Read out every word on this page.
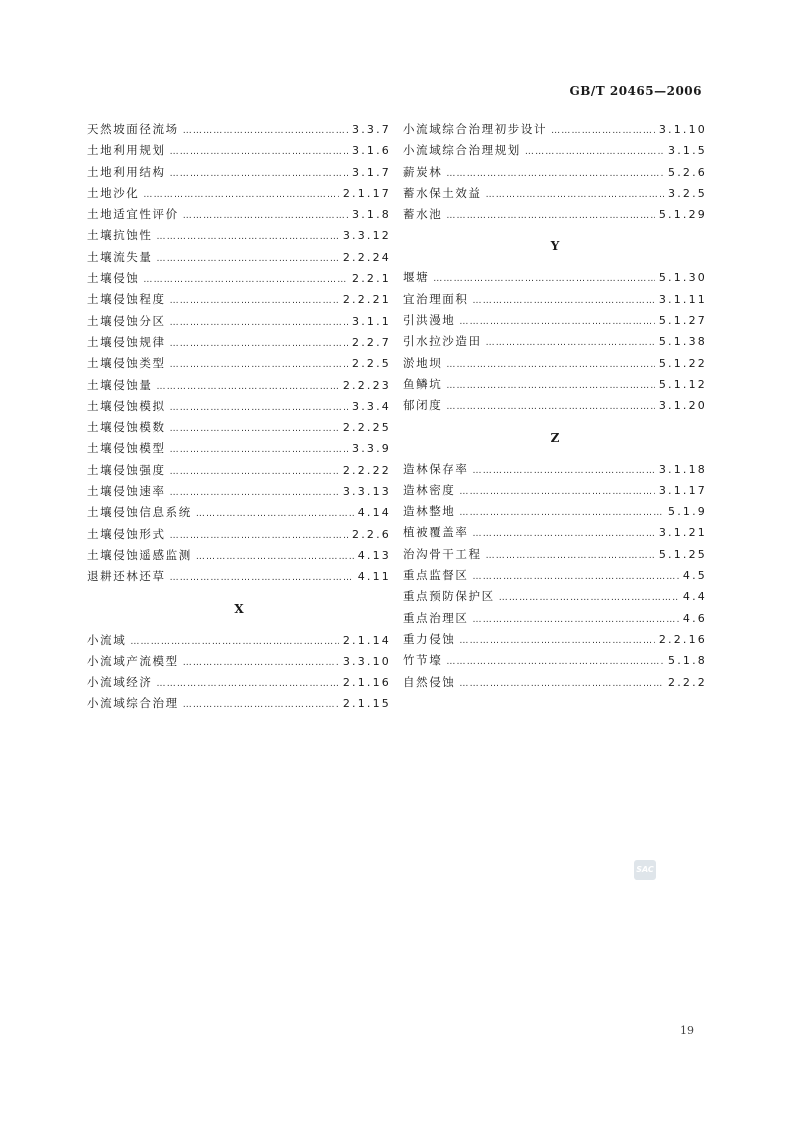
GB/T 20465—2006
天然坡面径流场 …………………………………………………………………………………………	3.3.7
土地利用规划 …………………………………………………………………………………………	3.1.6
土地利用结构 …………………………………………………………………………………………	3.1.7
土地沙化 …………………………………………………………………………………………	2.1.17
土地适宜性评价 …………………………………………………………………………………………	3.1.8
土壤抗蚀性 …………………………………………………………………………………………	3.3.12
土壤流失量 …………………………………………………………………………………………	2.2.24
土壤侵蚀 …………………………………………………………………………………………	2.2.1
土壤侵蚀程度 …………………………………………………………………………………………	2.2.21
土壤侵蚀分区 …………………………………………………………………………………………	3.1.1
土壤侵蚀规律 …………………………………………………………………………………………	2.2.7
土壤侵蚀类型 …………………………………………………………………………………………	2.2.5
土壤侵蚀量 …………………………………………………………………………………………	2.2.23
土壤侵蚀模拟 …………………………………………………………………………………………	3.3.4
土壤侵蚀模数 …………………………………………………………………………………………	2.2.25
土壤侵蚀模型 …………………………………………………………………………………………	3.3.9
土壤侵蚀强度 …………………………………………………………………………………………	2.2.22
土壤侵蚀速率 …………………………………………………………………………………………	3.3.13
土壤侵蚀信息系统 …………………………………………………………………………………………	4.14
土壤侵蚀形式 …………………………………………………………………………………………	2.2.6
土壤侵蚀遥感监测 …………………………………………………………………………………………	4.13
退耕还林还草 …………………………………………………………………………………………	4.11
X
小流域 …………………………………………………………………………………………	2.1.14
小流域产流模型 …………………………………………………………………………………………	3.3.10
小流域经济 …………………………………………………………………………………………	2.1.16
小流域综合治理 …………………………………………………………………………………………	2.1.15
小流域综合治理初步设计 …………………………………………………………………………………………	3.1.10
小流域综合治理规划 …………………………………………………………………………………………	3.1.5
薪炭林 …………………………………………………………………………………………	5.2.6
蓄水保土效益 …………………………………………………………………………………………	3.2.5
蓄水池 …………………………………………………………………………………………	5.1.29
Y
堰塘 …………………………………………………………………………………………	5.1.30
宜治理面积 …………………………………………………………………………………………	3.1.11
引洪漫地 …………………………………………………………………………………………	5.1.27
引水拉沙造田 …………………………………………………………………………………………	5.1.38
淤地坝 …………………………………………………………………………………………	5.1.22
鱼鳞坑 …………………………………………………………………………………………	5.1.12
郁闭度 …………………………………………………………………………………………	3.1.20
Z
造林保存率 …………………………………………………………………………………………	3.1.18
造林密度 …………………………………………………………………………………………	3.1.17
造林整地 …………………………………………………………………………………………	5.1.9
植被覆盖率 …………………………………………………………………………………………	3.1.21
治沟骨干工程 …………………………………………………………………………………………	5.1.25
重点监督区 …………………………………………………………………………………………	4.5
重点预防保护区 …………………………………………………………………………………………	4.4
重点治理区 …………………………………………………………………………………………	4.6
重力侵蚀 …………………………………………………………………………………………	2.2.16
竹节壕 …………………………………………………………………………………………	5.1.8
自然侵蚀 …………………………………………………………………………………………	2.2.2
SAC
19
